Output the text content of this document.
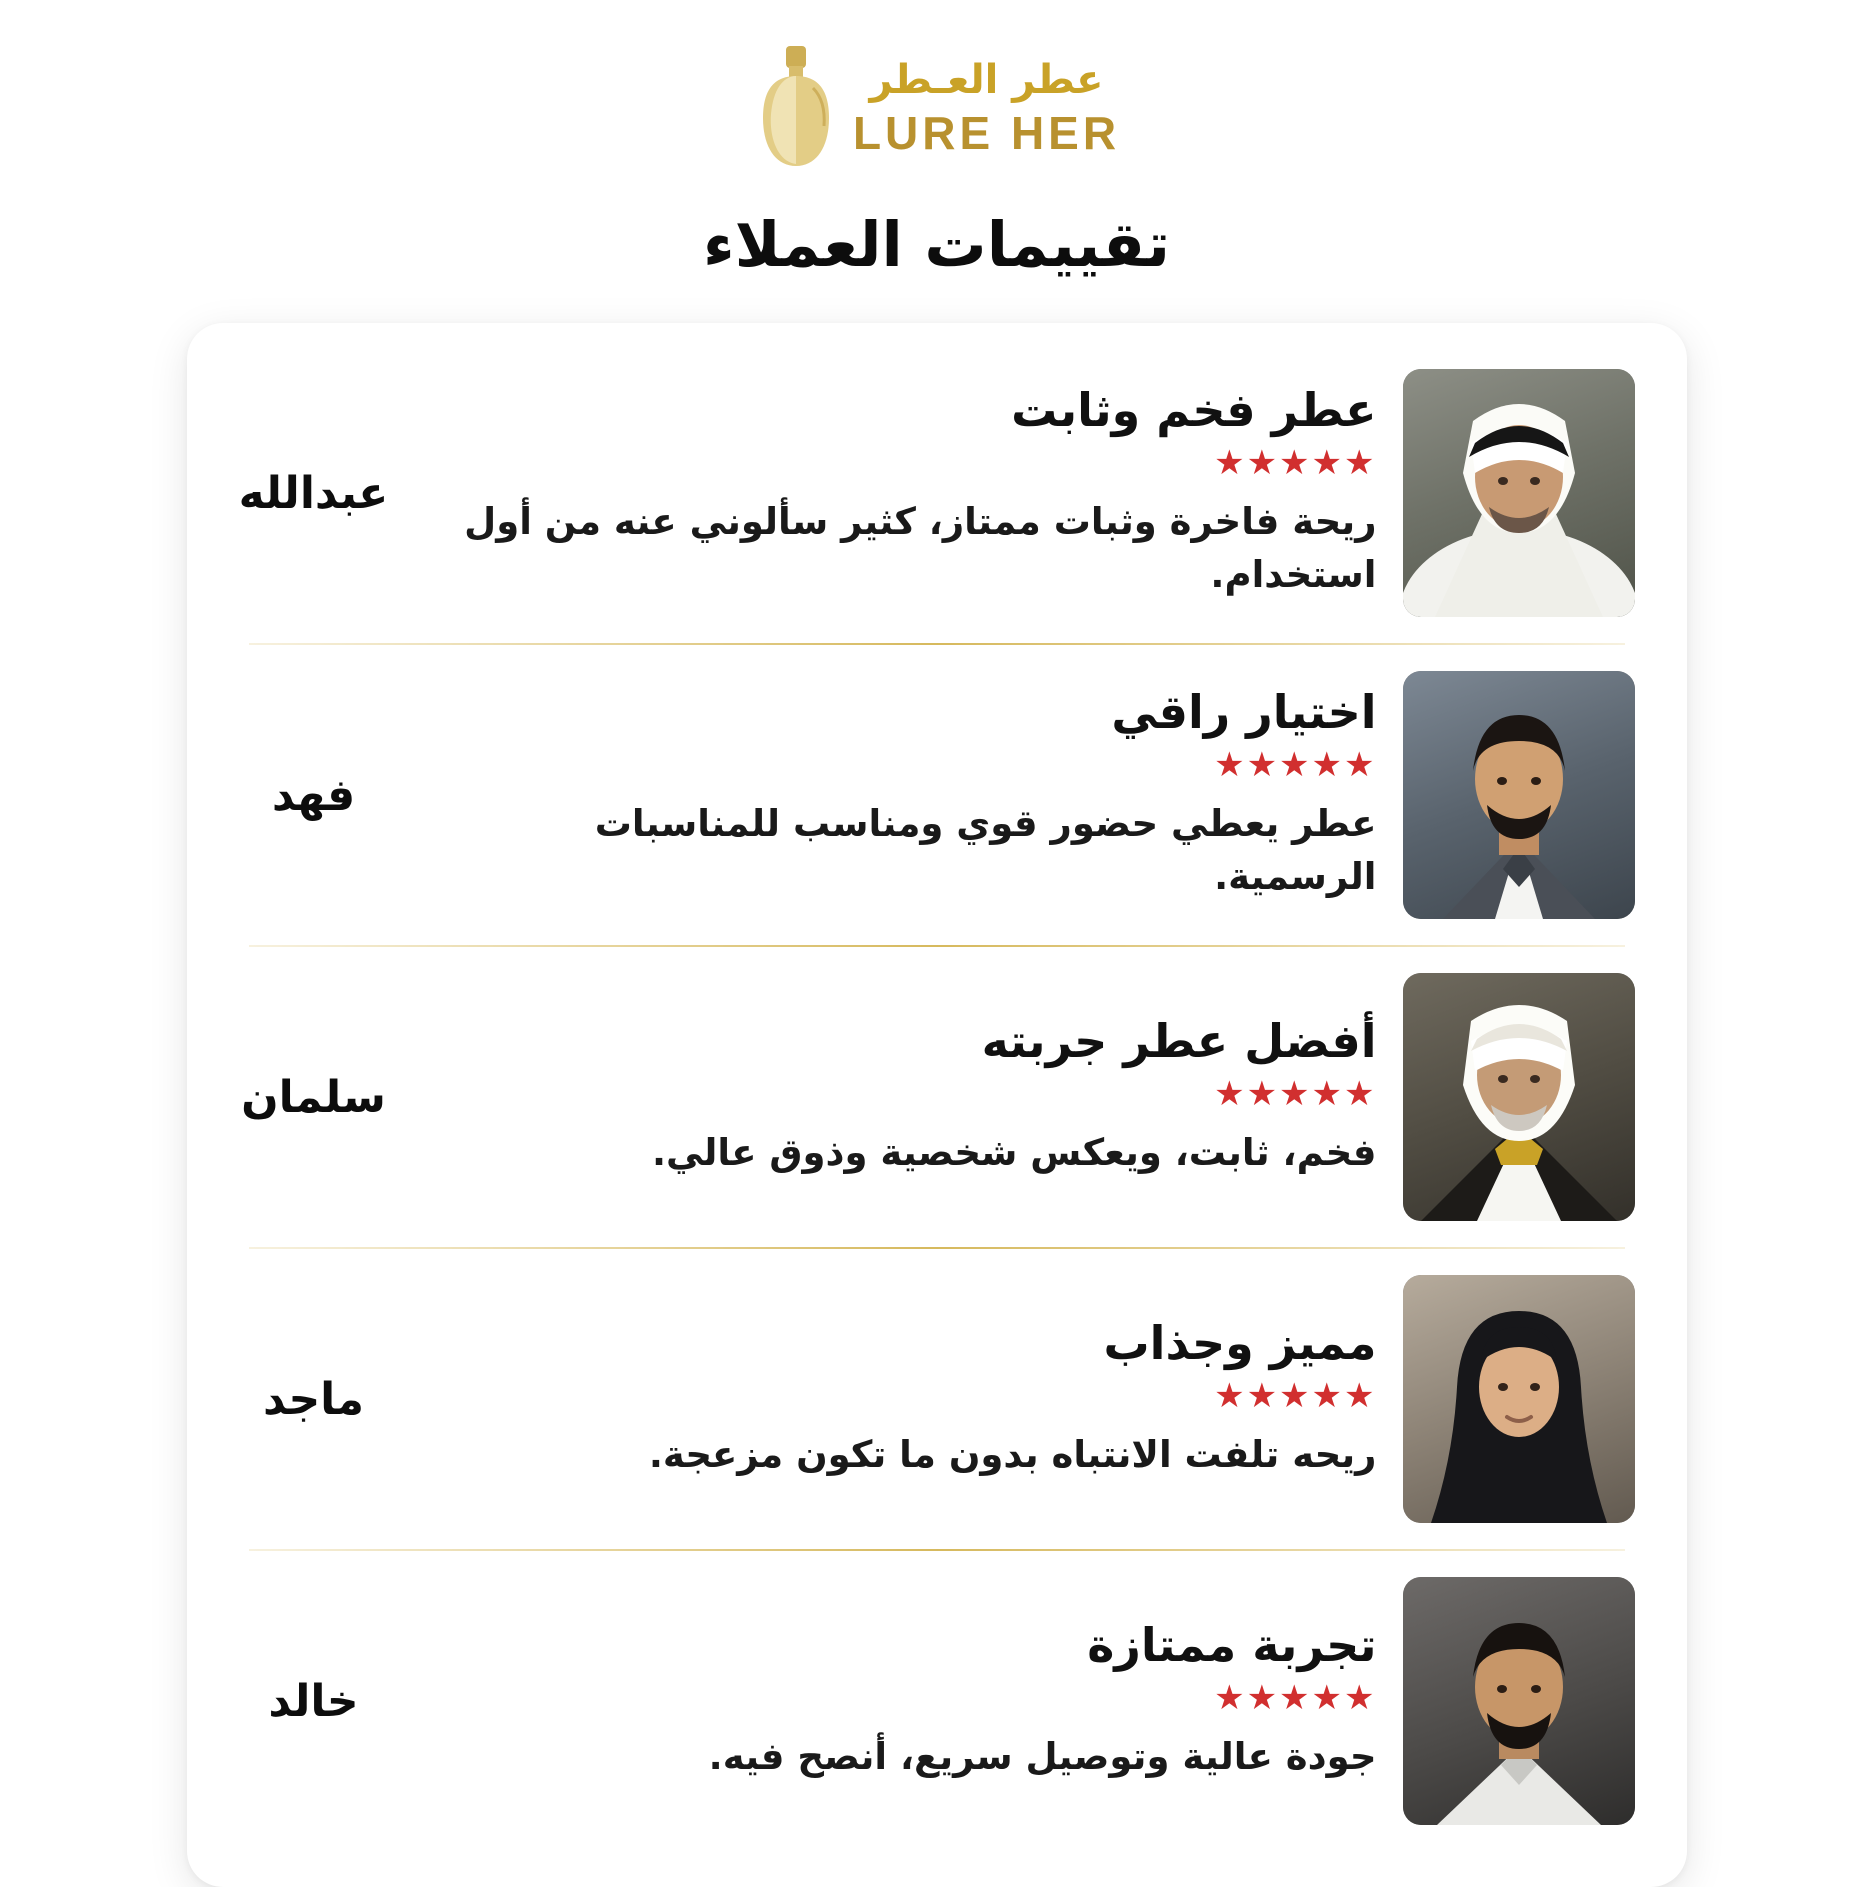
عطر العـطر
LURE HER
تقييمات العملاء
عطر فخم وثابت
★★★★★
ريحة فاخرة وثبات ممتاز، كثير سألوني عنه من أول استخدام.
عبدالله
اختيار راقي
★★★★★
عطر يعطي حضور قوي ومناسب للمناسبات الرسمية.
فهد
أفضل عطر جربته
★★★★★
فخم، ثابت، ويعكس شخصية وذوق عالي.
سلمان
مميز وجذاب
★★★★★
ريحه تلفت الانتباه بدون ما تكون مزعجة.
ماجد
تجربة ممتازة
★★★★★
جودة عالية وتوصيل سريع، أنصح فيه.
خالد
